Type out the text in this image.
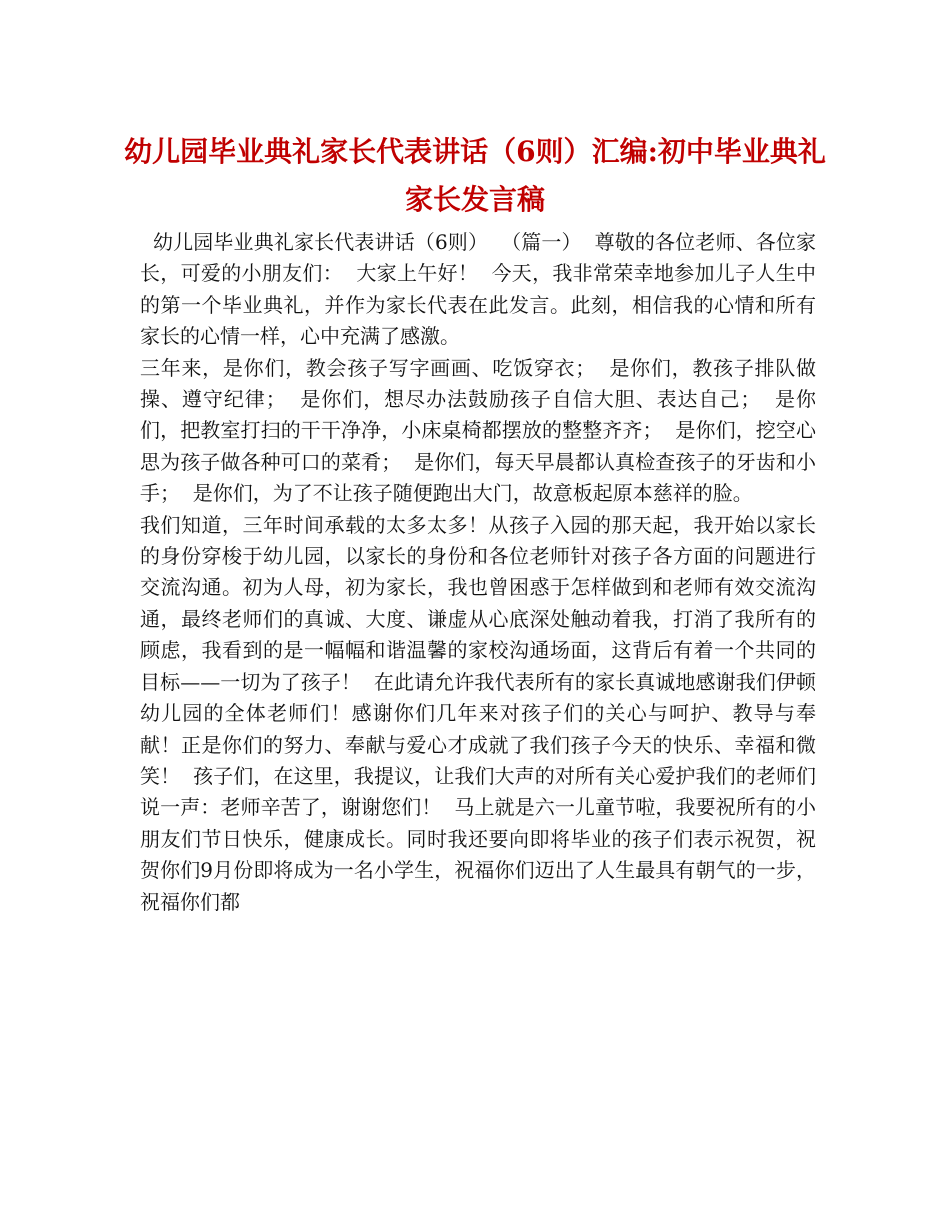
幼儿园毕业典礼家长代表讲话（6则）汇编:初中毕业典礼家长发言稿

幼儿园毕业典礼家长代表讲话（6则）  （篇一）  尊敬的各位老师、各位家长，可爱的小朋友们：  大家上午好！  今天，我非常荣幸地参加儿子人生中的第一个毕业典礼，并作为家长代表在此发言。此刻，相信我的心情和所有家长的心情一样，心中充满了感激。

三年来，是你们，教会孩子写字画画、吃饭穿衣；  是你们，教孩子排队做操、遵守纪律；  是你们，想尽办法鼓励孩子自信大胆、表达自己；  是你们，把教室打扫的干干净净，小床桌椅都摆放的整整齐齐；  是你们，挖空心思为孩子做各种可口的菜肴；  是你们，每天早晨都认真检查孩子的牙齿和小手；  是你们，为了不让孩子随便跑出大门，故意板起原本慈祥的脸。

我们知道，三年时间承载的太多太多！从孩子入园的那天起，我开始以家长的身份穿梭于幼儿园，以家长的身份和各位老师针对孩子各方面的问题进行交流沟通。初为人母，初为家长，我也曾困惑于怎样做到和老师有效交流沟通，最终老师们的真诚、大度、谦虚从心底深处触动着我，打消了我所有的顾虑，我看到的是一幅幅和谐温馨的家校沟通场面，这背后有着一个共同的目标——一切为了孩子！  在此请允许我代表所有的家长真诚地感谢我们伊顿幼儿园的全体老师们！感谢你们几年来对孩子们的关心与呵护、教导与奉献！正是你们的努力、奉献与爱心才成就了我们孩子今天的快乐、幸福和微笑！  孩子们，在这里，我提议，让我们大声的对所有关心爱护我们的老师们说一声：老师辛苦了，谢谢您们！  马上就是六一儿童节啦，我要祝所有的小朋友们节日快乐，健康成长。同时我还要向即将毕业的孩子们表示祝贺，祝贺你们9月份即将成为一名小学生，祝福你们迈出了人生最具有朝气的一步，祝福你们都
